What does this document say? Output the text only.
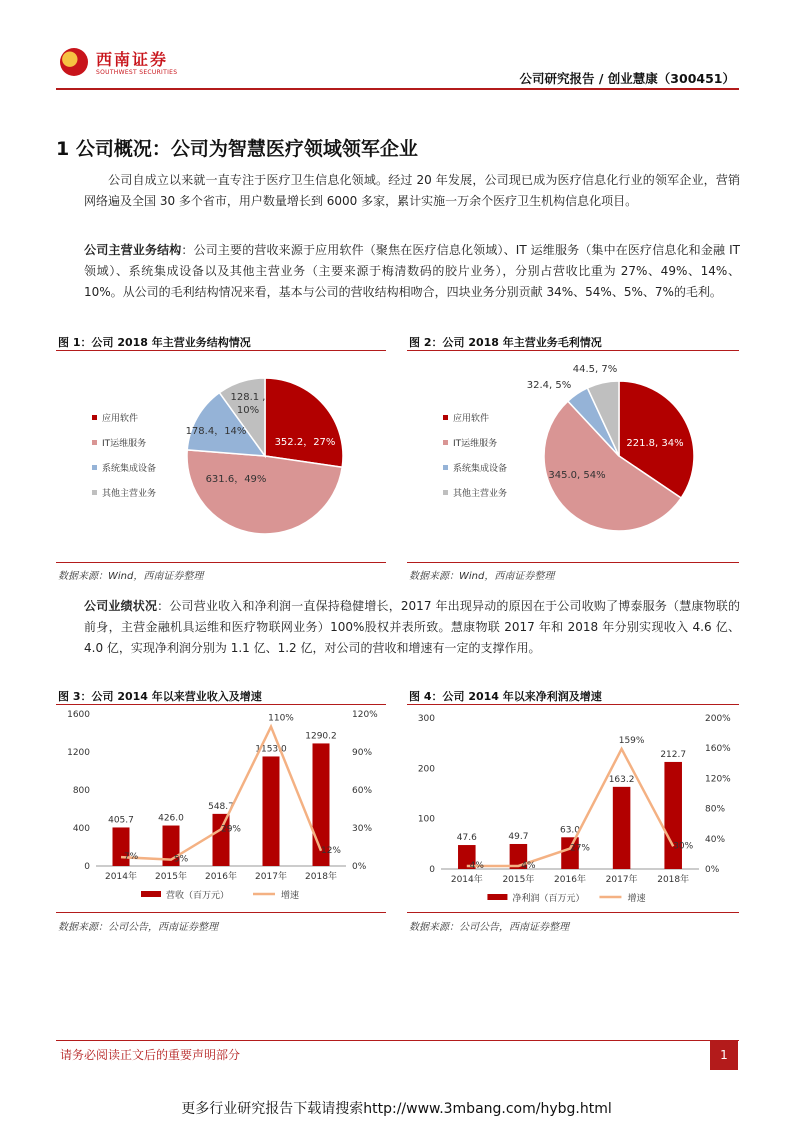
西南证券
SOUTHWEST SECURITIES	公司研究报告 / 创业慧康（300451）
1 公司概况：公司为智慧医疗领域领军企业
公司自成立以来就一直专注于医疗卫生信息化领域。经过 20 年发展，公司现已成为医疗信息化行业的领军企业，营销网络遍及全国 30 多个省市，用户数量增长到 6000 多家，累计实施一万余个医疗卫生机构信息化项目。
公司主营业务结构：公司主要的营收来源于应用软件（聚焦在医疗信息化领域）、IT 运维服务（集中在医疗信息化和金融 IT 领域）、系统集成设备以及其他主营业务（主要来源于梅清数码的胶片业务），分别占营收比重为 27%、49%、14%、10%。从公司的毛利结构情况来看，基本与公司的营收结构相吻合，四块业务分别贡献 34%、54%、5%、7%的毛利。
图 1：公司 2018 年主营业务结构情况	图 2：公司 2018 年主营业务毛利情况
352.2，27%
631.6，49%
178.4，14%
128.1 ,
10%
应用软件
IT运维服务
系统集成设备
其他主营业务
221.8, 34%
345.0, 54%
32.4, 5%
44.5, 7%
应用软件
IT运维服务
系统集成设备
其他主营业务
数据来源：Wind，西南证券整理	数据来源：Wind，西南证券整理
公司业绩状况：公司营业收入和净利润一直保持稳健增长，2017 年出现异动的原因在于公司收购了博泰服务（慧康物联的前身，主营金融机具运维和医疗物联网业务）100%股权并表所致。慧康物联 2017 年和 2018 年分别实现收入 4.6 亿、4.0 亿，实现净利润分别为 1.1 亿、1.2 亿，对公司的营收和增速有一定的支撑作用。
图 3：公司 2014 年以来营业收入及增速	图 4：公司 2014 年以来净利润及增速
0
400
800
1200
1600
0%
30%
60%
90%
120%
405.7
2014年
426.0
2015年
548.7
2016年
1153.0
2017年
1290.2
2018年
7%	5%
29%
110%
12%
营收（百万元）	增速
0
100
200
300
0%
40%
80%
120%
160%
200%
47.6
2014年
49.7
2015年
63.0
2016年
163.2
2017年
212.7
2018年
4%	4%
27%
159%
30%
净利润（百万元）	增速
数据来源：公司公告，西南证券整理	数据来源：公司公告，西南证券整理
请务必阅读正文后的重要声明部分	1
更多行业研究报告下载请搜索http://www.3mbang.com/hybg.html
